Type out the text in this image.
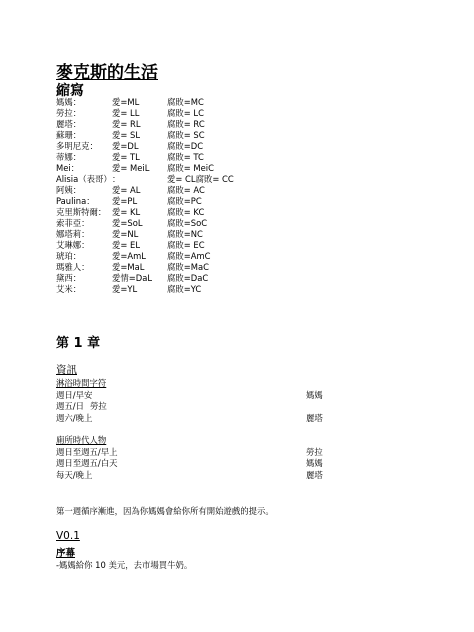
麥克斯的生活
縮寫
媽媽：	愛=ML	腐敗=MC
勞拉：	愛= LL	腐敗= LC
麗塔：	愛= RL	腐敗= RC
蘇珊：	愛= SL	腐敗= SC
多明尼克： 愛=DL	腐敗=DC
蒂娜：	愛= TL	腐敗= TC
Mei：	愛= MeiL 腐敗= MeiC
Alisia（表哥） ：	愛= CL腐敗= CC
阿姨：	愛= AL	腐敗= AC
Paulina： 愛=PL	腐敗=PC
克里斯特爾： 愛= KL	腐敗= KC
索菲亞：	愛=SoL	腐敗=SoC
娜塔莉：	愛=NL	腐敗=NC
艾琳娜：	愛= EL	腐敗= EC
琥珀：	愛=AmL	腐敗=AmC
瑪雅人：	愛=MaL	腐敗=MaC
黛西：	愛情=DaL 腐敗=DaC
艾米：	愛=YL	腐敗=YC
第 1 章
資訊
淋浴時間字符
週日/早安	媽媽
週五/日 勞拉
週六/晚上	麗塔
廁所時代人物
週日至週五/早上	勞拉
週日至週五/白天	媽媽
每天/晚上	麗塔
第一週循序漸進，因為你媽媽會給你所有開始遊戲的提示。
V0.1
序幕
-媽媽給你 10 美元，去市場買牛奶。
